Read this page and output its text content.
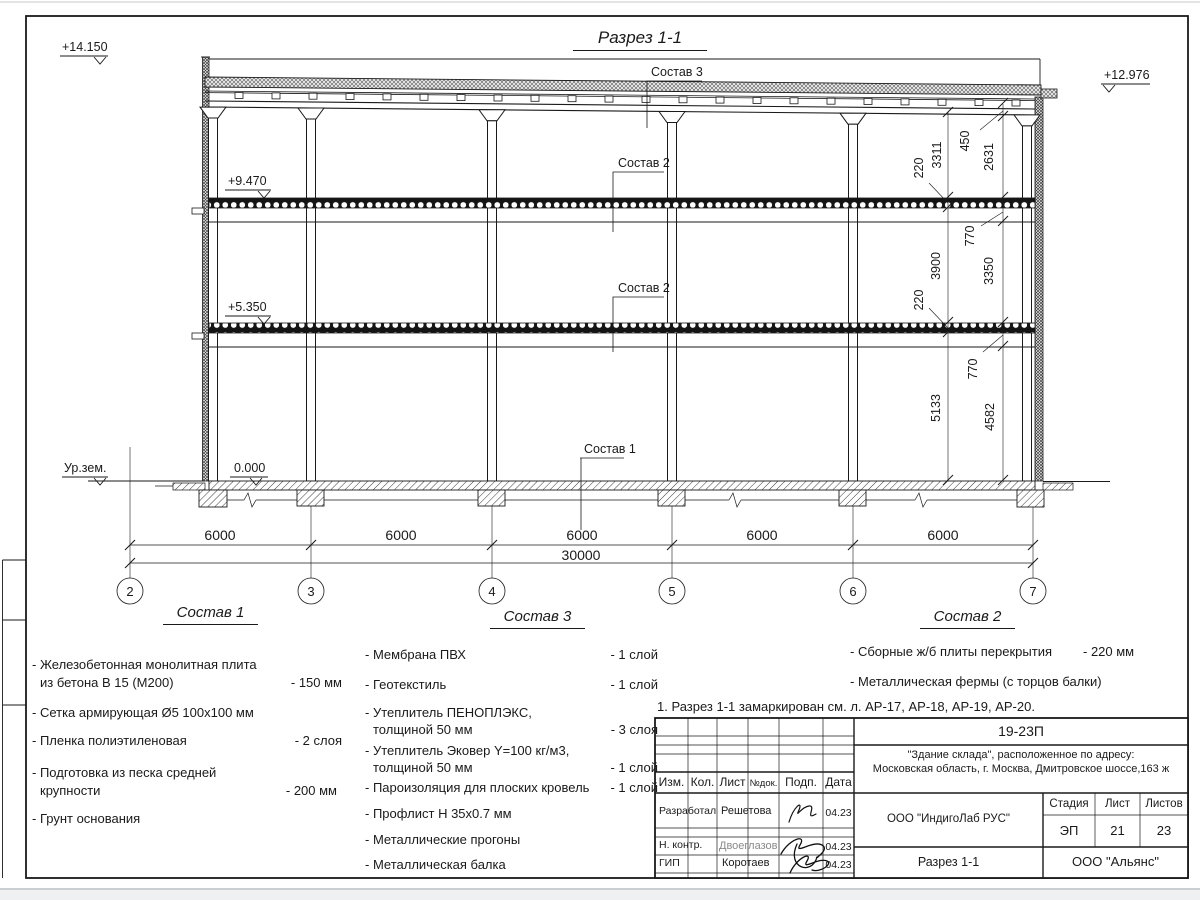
2	3	4	5	6	7
6000	6000	6000	6000	6000
30000
3311
220
3900
220
5133
450
2631
770
3350
770
4582
Разрез 1-1
+14.150
+12.976
+9.470
+5.350
0.000
Ур.зем.
Состав 3
Состав 2
Состав 2
Состав 1
Состав 1
- Железобетонная монолитная плита
из бетона В 15 (М200)	- 150 мм
- Сетка армирующая Ø5 100х100 мм
- Пленка полиэтиленовая	- 2 слоя
- Подготовка из песка средней
крупности	- 200 мм
- Грунт основания
Состав 3
- Мембрана ПВХ	- 1 слой
- Геотекстиль	- 1 слой
- Утеплитель ПЕНОПЛЭКС,
толщиной 50 мм	- 3 слоя
- Утеплитель Эковер Y=100 кг/м3,
толщиной 50 мм	- 1 слой
- Пароизоляция для плоских кровель	- 1 слой
- Профлист Н 35х0.7 мм
- Металлические прогоны
- Металлическая балка
Состав 2
- Сборные ж/б плиты перекрытия - 220 мм
- Металлическая фермы (с торцов балки)
1. Разрез 1-1 замаркирован см. л. АР-17, АР-18, АР-19, АР-20.
19-23П
"Здание склада", расположенное по адресу:
Московская область, г. Москва, Дмитровское шоссе,163 ж
Изм. Кол. Лист №док. Подп. Дата
Разработал Решетова	04.23
Н. контр. Двоеглазов	04.23
ГИП	Коротаев	04.23
ООО "ИндигоЛаб РУС"
Стадия	Лист	Листов
ЭП	21	23
Разрез 1-1	ООО "Альянс"
